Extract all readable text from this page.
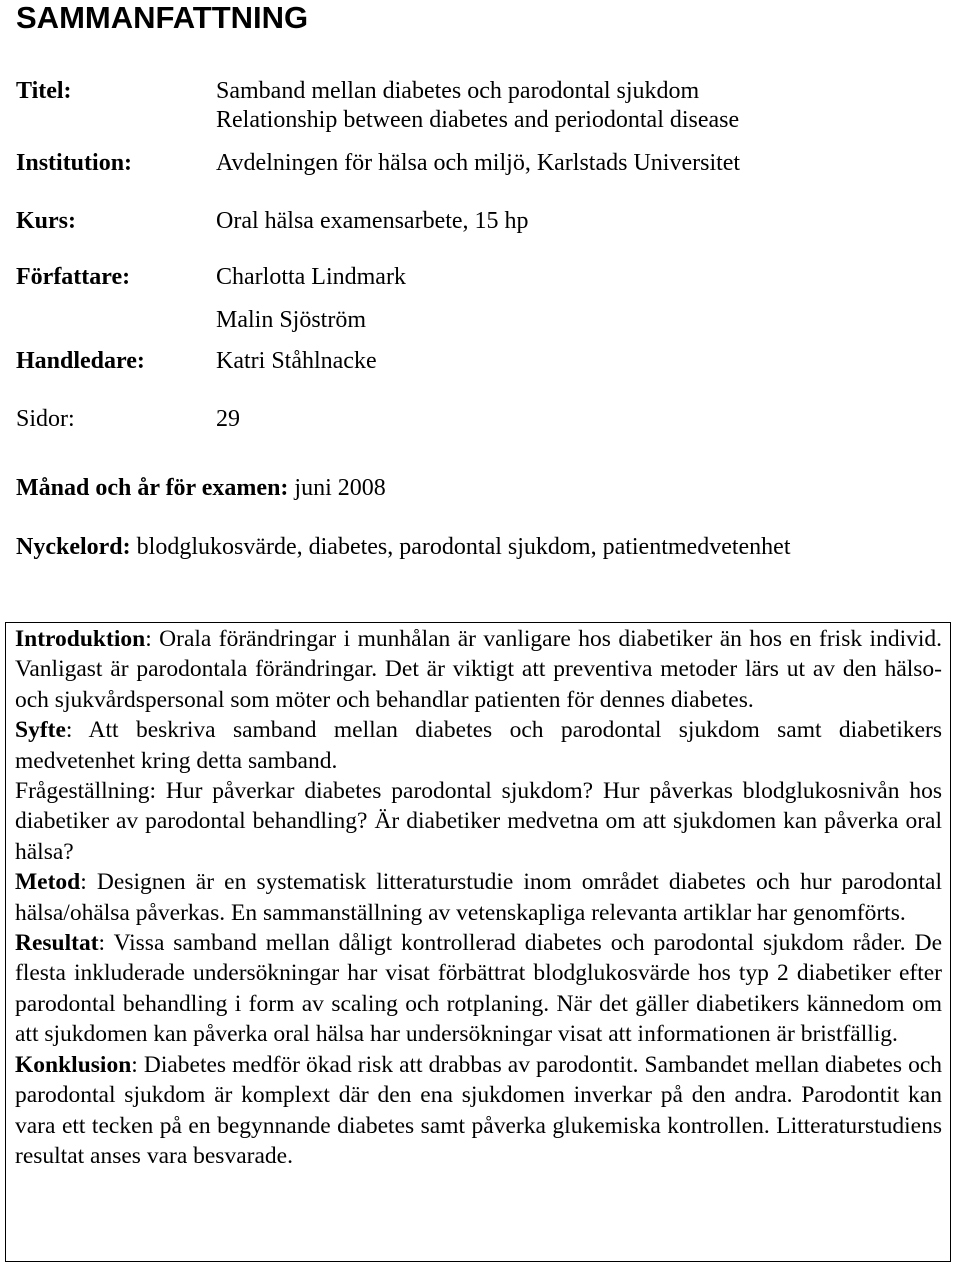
SAMMANFATTNING
Titel:	Samband mellan diabetes och parodontal sjukdom
Relationship between diabetes and periodontal disease
Institution:	Avdelningen för hälsa och miljö, Karlstads Universitet
Kurs:	Oral hälsa examensarbete, 15 hp
Författare:	Charlotta Lindmark
Malin Sjöström
Handledare:	Katri Ståhlnacke
Sidor:	29
Månad och år för examen: juni 2008
Nyckelord: blodglukosvärde, diabetes, parodontal sjukdom, patientmedvetenhet

Introduktion: Orala förändringar i munhålan är vanligare hos diabetiker än hos en frisk individ. Vanligast är parodontala förändringar. Det är viktigt att preventiva metoder lärs ut av den hälso- och sjukvårdspersonal som möter och behandlar patienten för dennes diabetes.

Syfte: Att beskriva samband mellan diabetes och parodontal sjukdom samt diabetikers medvetenhet kring detta samband.

Frågeställning: Hur påverkar diabetes parodontal sjukdom? Hur påverkas blodglukosnivån hos diabetiker av parodontal behandling? Är diabetiker medvetna om att sjukdomen kan påverka oral hälsa?

Metod: Designen är en systematisk litteraturstudie inom området diabetes och hur parodontal hälsa/ohälsa påverkas. En sammanställning av vetenskapliga relevanta artiklar har genomförts.

Resultat: Vissa samband mellan dåligt kontrollerad diabetes och parodontal sjukdom råder. De flesta inkluderade undersökningar har visat förbättrat blodglukosvärde hos typ 2 diabetiker efter parodontal behandling i form av scaling och rotplaning. När det gäller diabetikers kännedom om att sjukdomen kan påverka oral hälsa har undersökningar visat att informationen är bristfällig.

Konklusion: Diabetes medför ökad risk att drabbas av parodontit. Sambandet mellan diabetes och parodontal sjukdom är komplext där den ena sjukdomen inverkar på den andra. Parodontit kan vara ett tecken på en begynnande diabetes samt påverka glukemiska kontrollen. Litteraturstudiens resultat anses vara besvarade.
